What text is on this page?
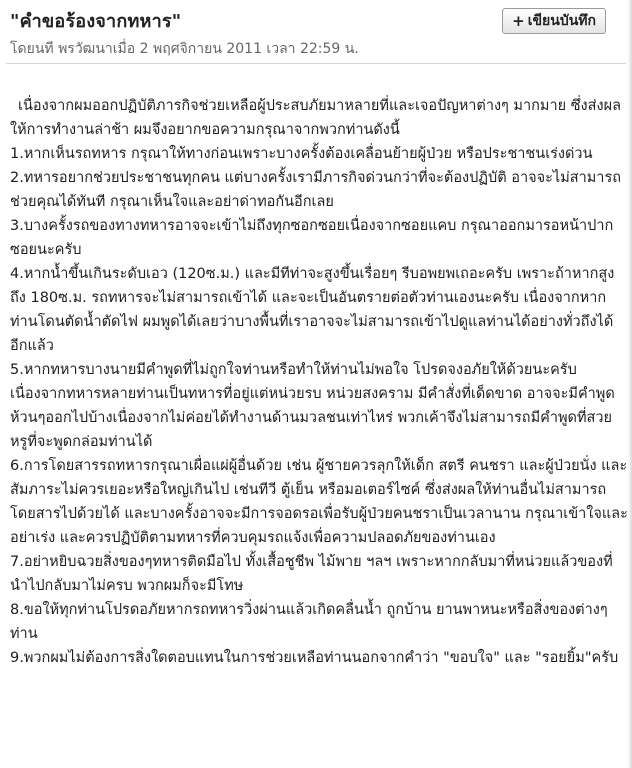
"คำขอร้องจากทหาร"	+ เขียนบันทึก
โดยนที พรวัฒนาเมื่อ 2 พฤศจิกายน 2011 เวลา 22:59 น.

เนื่องจากผมออกปฏิบัติภารกิจช่วยเหลือผู้ประสบภัยมาหลายที่และเจอปัญหาต่างๆ มากมาย ซึ่งส่งผลให้การทำงานล่าช้า ผมจึงอยากขอความกรุณาจากพวกท่านดังนี้

1.หากเห็นรถทหาร กรุณาให้ทางก่อนเพราะบางครั้งต้องเคลื่อนย้ายผู้ป่วย หรือประชาชนเร่งด่วน

2.ทหารอยากช่วยประชาชนทุกคน แต่บางครั้งเรามีภารกิจด่วนกว่าที่จะต้องปฏิบัติ อาจจะไม่สามารถช่วยคุณได้ทันที กรุณาเห็นใจและอย่าด่าทอกันอีกเลย

3.บางครั้งรถของทางทหารอาจจะเข้าไม่ถึงทุกซอกซอยเนื่องจากซอยแคบ กรุณาออกมารอหน้าปากซอยนะครับ

4.หากน้ำขึ้นเกินระดับเอว (120ซ.ม.) และมีทีท่าจะสูงขึ้นเรื่อยๆ รีบอพยพเถอะครับ เพราะถ้าหากสูงถึง 180ซ.ม. รถทหารจะไม่สามารถเข้าได้ และจะเป็นอันตรายต่อตัวท่านเองนะครับ เนื่องจากหากท่านโดนตัดน้ำตัดไฟ ผมพูดได้เลยว่าบางพื้นที่เราอาจจะไม่สามารถเข้าไปดูแลท่านได้อย่างทั่วถึงได้อีกแล้ว

5.หากทหารบางนายมีคำพูดที่ไม่ถูกใจท่านหรือทำให้ท่านไม่พอใจ โปรดจงอภัยให้ด้วยนะครับ เนื่องจากทหารหลายท่านเป็นทหารที่อยู่แต่หน่วยรบ หน่วยสงคราม มีคำสั่งที่เด็ดขาด อาจจะมีคำพูดห้วนๆออกไปบ้างเนื่องจากไม่ค่อยได้ทำงานด้านมวลชนเท่าไหร่ พวกเค้าจึงไม่สามารถมีคำพูดที่สวยหรูที่จะพูดกล่อมท่านได้

6.การโดยสารรถทหารกรุณาเผื่อแผ่ผู้อื่นด้วย เช่น ผู้ชายควรลุกให้เด็ก สตรี คนชรา และผู้ป่วยนั่ง และสัมภาระไม่ควรเยอะหรือใหญ่เกินไป เช่นทีวี ตู้เย็น หรือมอเตอร์ไซค์ ซึ่งส่งผลให้ท่านอื่นไม่สามารถโดยสารไปด้วยได้ และบางครั้งอาจจะมีการจอดรอเพื่อรับผู้ป่วยคนชราเป็นเวลานาน กรุณาเข้าใจและอย่าเร่ง และควรปฏิบัติตามทหารที่ควบคุมรถแจ้งเพื่อความปลอดภัยของท่านเอง

7.อย่าหยิบฉวยสิ่งของๆทหารติดมือไป ทั้งเสื้อชูชีพ ไม้พาย ฯลฯ เพราะหากกลับมาที่หน่วยแล้วของที่นำไปกลับมาไม่ครบ พวกผมก็จะมีโทษ

8.ขอให้ทุกท่านโปรดอภัยหากรถทหารวิ่งผ่านแล้วเกิดคลื่นน้ำ ถูกบ้าน ยานพาหนะหรือสิ่งของต่างๆ ท่าน

9.พวกผมไม่ต้องการสิ่งใดตอบแทนในการช่วยเหลือท่านนอกจากคำว่า "ขอบใจ" และ "รอยยิ้ม"ครับ
